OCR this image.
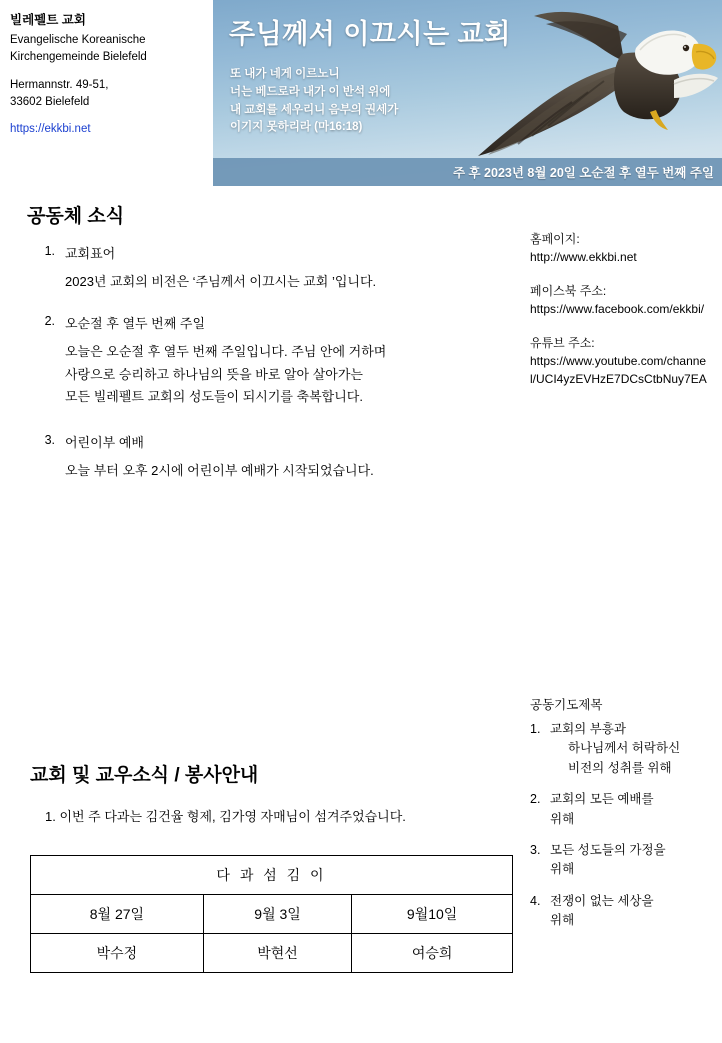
빌레펠트 교회
Evangelische Koreanische
Kirchengemeinde Bielefeld
Hermannstr. 49-51,
33602 Bielefeld
https://ekkbi.net
주님께서 이끄시는 교회
또 내가 네게 이르노니
너는 베드로라 내가 이 반석 위에
내 교회를 세우리니 음부의 권세가
이기지 못하리라 (마16:18)
주 후 2023년 8월 20일 오순절 후 열두 번째 주일
공동체 소식
1. 교회표어
2023년 교회의 비전은 ‘주님께서 이끄시는 교회 ’입니다.
2. 오순절 후 열두 번째 주일
오늘은 오순절 후 열두 번째 주일입니다. 주님 안에 거하며
사랑으로 승리하고 하나님의 뜻을 바로 알아 살아가는
모든 빌레펠트 교회의 성도들이 되시기를 축복합니다.
3. 어린이부 예배
오늘 부터 오후 2시에 어린이부 예배가 시작되었습니다.
홈페이지:
http://www.ekkbi.net
페이스북 주소:
https://www.facebook.com/ekkbi/
유튜브 주소:
https://www.youtube.com/channel/UCI4yzEVHzE7DCsCtbNuy7EA
공동기도제목
1. 교회의 부흥과
하나님께서 허락하신
비전의 성취를 위해
2. 교회의 모든 예배를
위해
3. 모든 성도들의 가정을
위해
4. 전쟁이 없는 세상을
위해
교회 및 교우소식 / 봉사안내
1. 이번 주 다과는 김건율 형제, 김가영 자매님이 섬겨주었습니다.
다 과 섬 김 이		
8월 27일	9월 3일	9월10일
박수정	박현선	여승희
